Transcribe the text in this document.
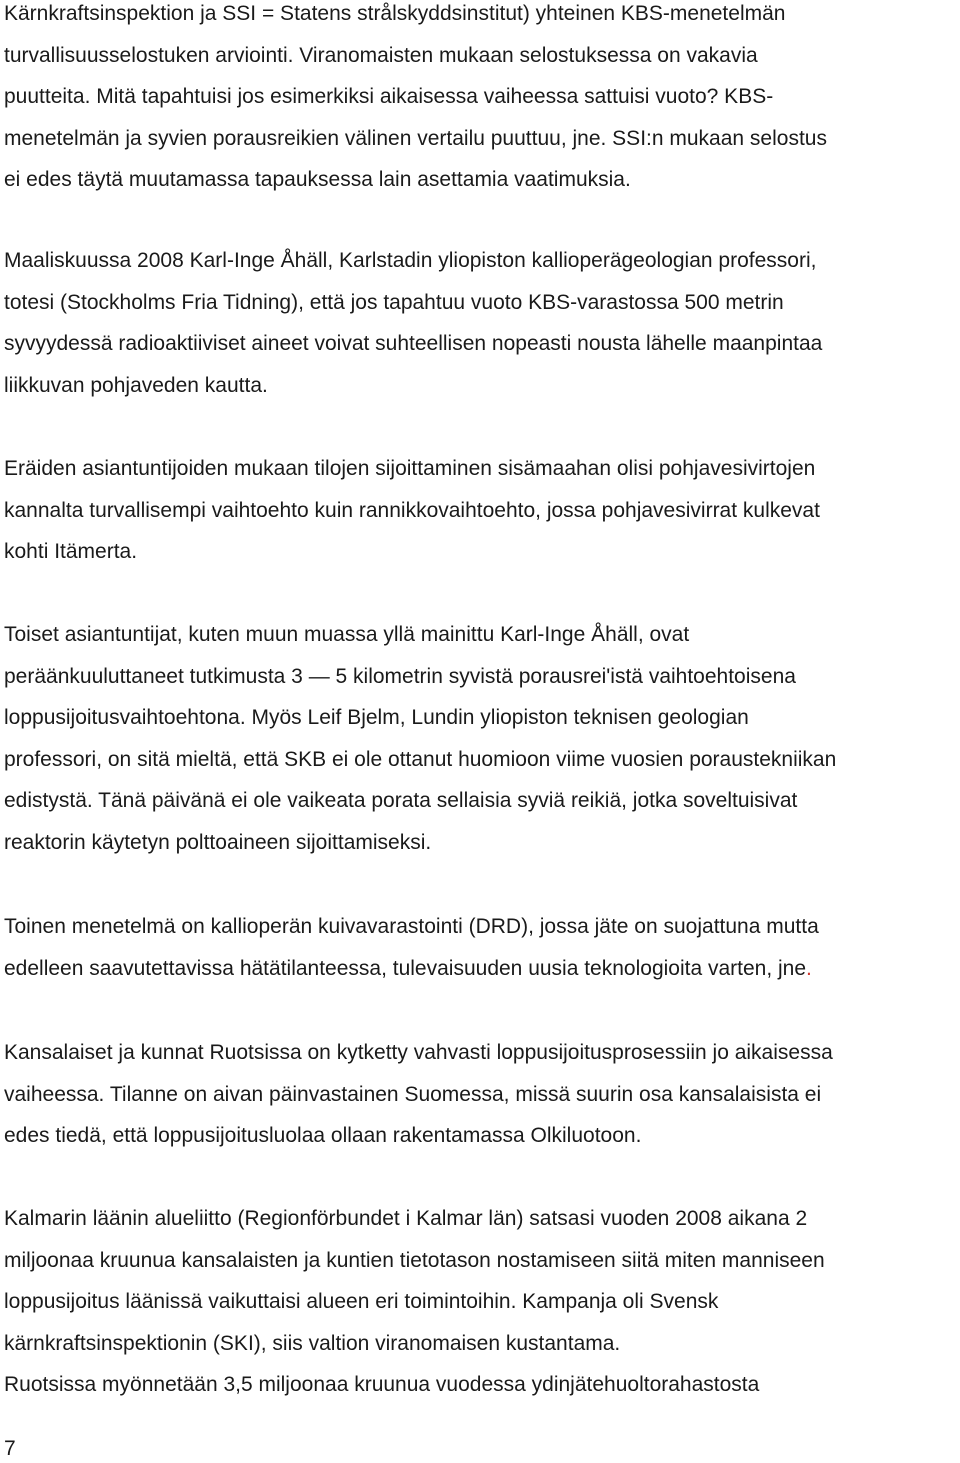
Kärnkraftsinspektion ja SSI = Statens strålskyddsinstitut) yhteinen KBS-menetelmän
turvallisuusselostuken arviointi. Viranomaisten mukaan selostuksessa on vakavia
puutteita. Mitä tapahtuisi jos esimerkiksi aikaisessa vaiheessa sattuisi vuoto? KBS-
menetelmän ja syvien porausreikien välinen vertailu puuttuu, jne. SSI:n mukaan selostus
ei edes täytä muutamassa tapauksessa lain asettamia vaatimuksia.
Maaliskuussa 2008 Karl-Inge Åhäll, Karlstadin yliopiston kallioperägeologian professori,
totesi (Stockholms Fria Tidning), että jos tapahtuu vuoto KBS-varastossa 500 metrin
syvyydessä radioaktiiviset aineet voivat suhteellisen nopeasti nousta lähelle maanpintaa
liikkuvan pohjaveden kautta.
Eräiden asiantuntijoiden mukaan tilojen sijoittaminen sisämaahan olisi pohjavesivirtojen
kannalta turvallisempi vaihtoehto kuin rannikkovaihtoehto, jossa pohjavesivirrat kulkevat
kohti Itämerta.
Toiset asiantuntijat, kuten muun muassa yllä mainittu Karl-Inge Åhäll, ovat
peräänkuuluttaneet tutkimusta 3 — 5 kilometrin syvistä porausrei'istä vaihtoehtoisena
loppusijoitusvaihtoehtona. Myös Leif Bjelm, Lundin yliopiston teknisen geologian
professori, on sitä mieltä, että SKB ei ole ottanut huomioon viime vuosien poraustekniikan
edistystä. Tänä päivänä ei ole vaikeata porata sellaisia syviä reikiä, jotka soveltuisivat
reaktorin käytetyn polttoaineen sijoittamiseksi.
Toinen menetelmä on kallioperän kuivavarastointi (DRD), jossa jäte on suojattuna mutta
edelleen saavutettavissa hätätilanteessa, tulevaisuuden uusia teknologioita varten, jne.
Kansalaiset ja kunnat Ruotsissa on kytketty vahvasti loppusijoitusprosessiin jo aikaisessa
vaiheessa. Tilanne on aivan päinvastainen Suomessa, missä suurin osa kansalaisista ei
edes tiedä, että loppusijoitusluolaa ollaan rakentamassa Olkiluotoon.
Kalmarin läänin alueliitto (Regionförbundet i Kalmar län) satsasi vuoden 2008 aikana 2
miljoonaa kruunua kansalaisten ja kuntien tietotason nostamiseen siitä miten manniseen
loppusijoitus läänissä vaikuttaisi alueen eri toimintoihin. Kampanja oli Svensk
kärnkraftsinspektionin (SKI), siis valtion viranomaisen kustantama.
Ruotsissa myönnetään 3,5 miljoonaa kruunua vuodessa ydinjätehuoltorahastosta
7
